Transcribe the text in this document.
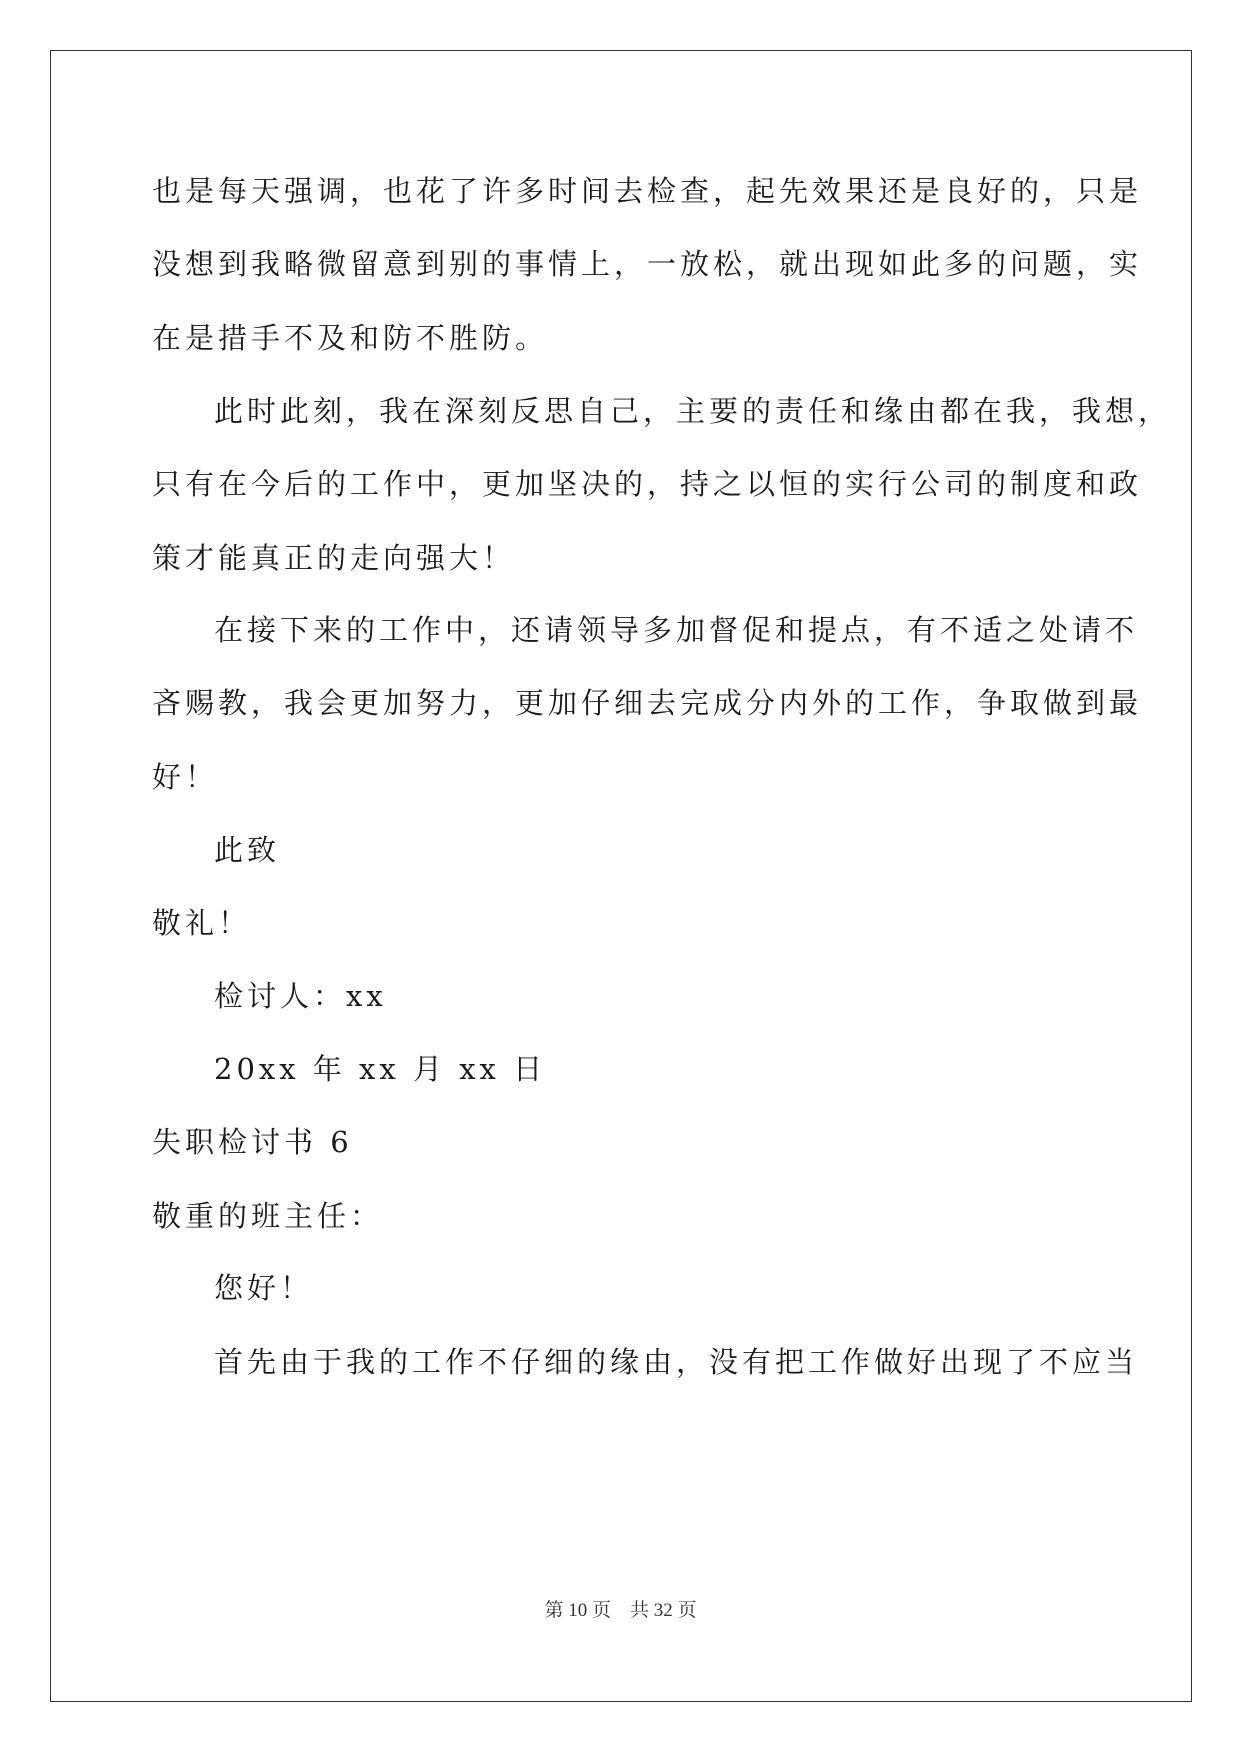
也是每天强调，也花了许多时间去检查，起先效果还是良好的，只是
没想到我略微留意到别的事情上，一放松，就出现如此多的问题，实
在是措手不及和防不胜防。
此时此刻，我在深刻反思自己，主要的责任和缘由都在我，我想，
只有在今后的工作中，更加坚决的，持之以恒的实行公司的制度和政
策才能真正的走向强大！
在接下来的工作中，还请领导多加督促和提点，有不适之处请不
吝赐教，我会更加努力，更加仔细去完成分内外的工作，争取做到最
好！
此致
敬礼！
检讨人：xx
20xx 年 xx 月 xx 日
失职检讨书 6
敬重的班主任：
您好！
首先由于我的工作不仔细的缘由，没有把工作做好出现了不应当
第 10 页　共 32 页
